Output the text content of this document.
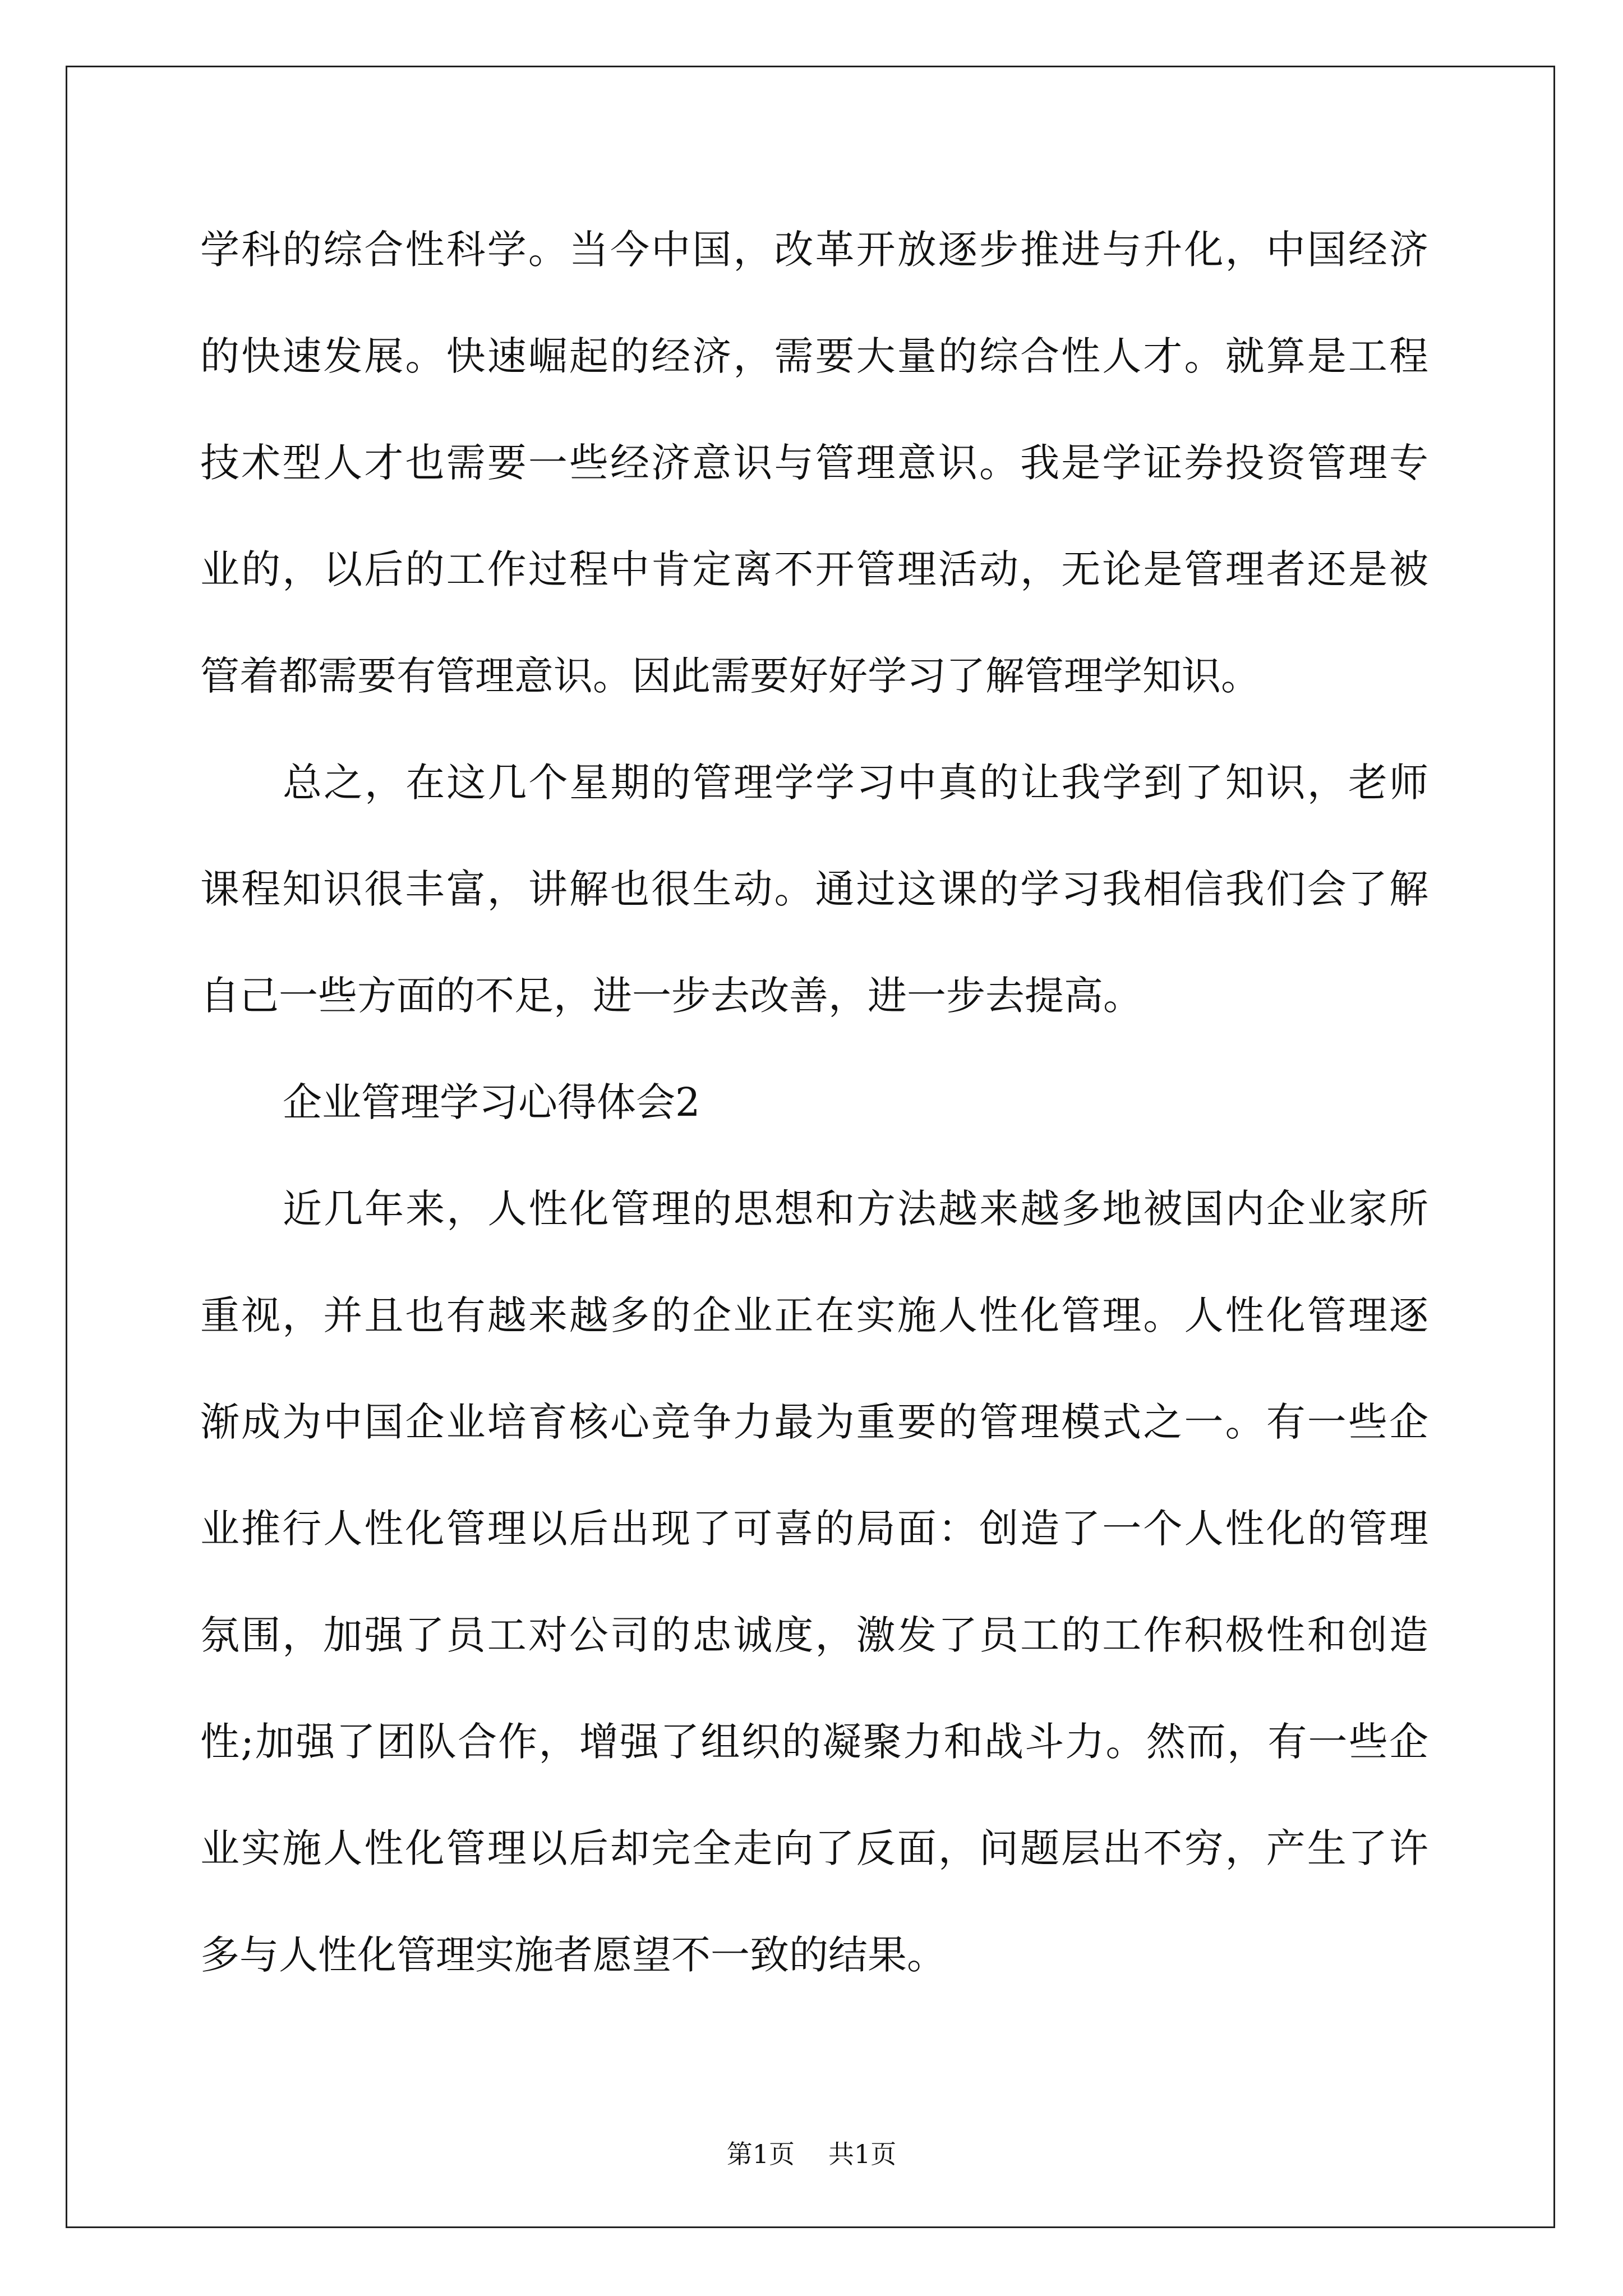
学科的综合性科学。当今中国，改革开放逐步推进与升化，中国经济
的快速发展。快速崛起的经济，需要大量的综合性人才。就算是工程
技术型人才也需要一些经济意识与管理意识。我是学证券投资管理专
业的，以后的工作过程中肯定离不开管理活动，无论是管理者还是被
管着都需要有管理意识。因此需要好好学习了解管理学知识。
总之，在这几个星期的管理学学习中真的让我学到了知识，老师
课程知识很丰富，讲解也很生动。通过这课的学习我相信我们会了解
自己一些方面的不足，进一步去改善，进一步去提高。
企业管理学习心得体会2
近几年来，人性化管理的思想和方法越来越多地被国内企业家所
重视，并且也有越来越多的企业正在实施人性化管理。人性化管理逐
渐成为中国企业培育核心竞争力最为重要的管理模式之一。有一些企
业推行人性化管理以后出现了可喜的局面：创造了一个人性化的管理
氛围，加强了员工对公司的忠诚度，激发了员工的工作积极性和创造
性;加强了团队合作，增强了组织的凝聚力和战斗力。然而，有一些企
业实施人性化管理以后却完全走向了反面，问题层出不穷，产生了许
多与人性化管理实施者愿望不一致的结果。
第1页 共1页
